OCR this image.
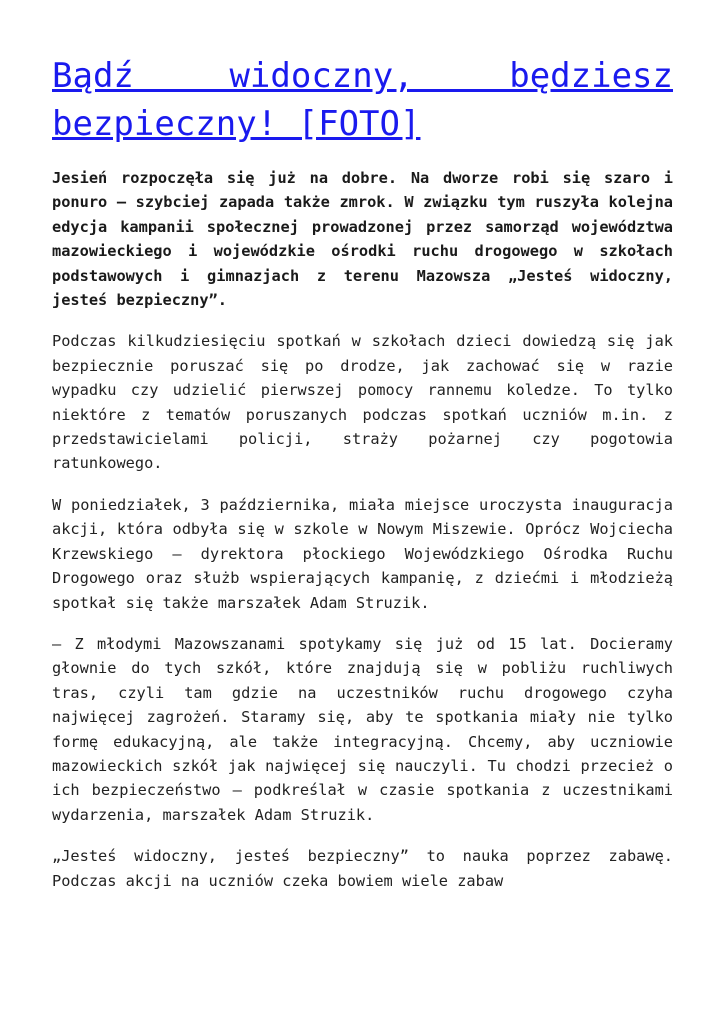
Bądź widoczny, będziesz bezpieczny! [FOTO]

Jesień rozpoczęła się już na dobre. Na dworze robi się szaro i ponuro – szybciej zapada także zmrok. W związku tym ruszyła kolejna edycja kampanii społecznej prowadzonej przez samorząd województwa mazowieckiego i wojewódzkie ośrodki ruchu drogowego w szkołach podstawowych i gimnazjach z terenu Mazowsza „Jesteś widoczny, jesteś bezpieczny”.

Podczas kilkudziesięciu spotkań w szkołach dzieci dowiedzą się jak bezpiecznie poruszać się po drodze, jak zachować się w razie wypadku czy udzielić pierwszej pomocy rannemu koledze. To tylko niektóre z tematów poruszanych podczas spotkań uczniów m.in. z przedstawicielami policji, straży pożarnej czy pogotowia ratunkowego.

W poniedziałek, 3 października, miała miejsce uroczysta inauguracja akcji, która odbyła się w szkole w Nowym Miszewie. Oprócz Wojciecha Krzewskiego – dyrektora płockiego Wojewódzkiego Ośrodka Ruchu Drogowego oraz służb wspierających kampanię, z dziećmi i młodzieżą spotkał się także marszałek Adam Struzik.

– Z młodymi Mazowszanami spotykamy się już od 15 lat. Docieramy głownie do tych szkół, które znajdują się w pobliżu ruchliwych tras, czyli tam gdzie na uczestników ruchu drogowego czyha najwięcej zagrożeń. Staramy się, aby te spotkania miały nie tylko formę edukacyjną, ale także integracyjną. Chcemy, aby uczniowie mazowieckich szkół jak najwięcej się nauczyli. Tu chodzi przecież o ich bezpieczeństwo – podkreślał w czasie spotkania z uczestnikami wydarzenia, marszałek Adam Struzik.

„Jesteś widoczny, jesteś bezpieczny” to nauka poprzez zabawę. Podczas akcji na uczniów czeka bowiem wiele zabaw
